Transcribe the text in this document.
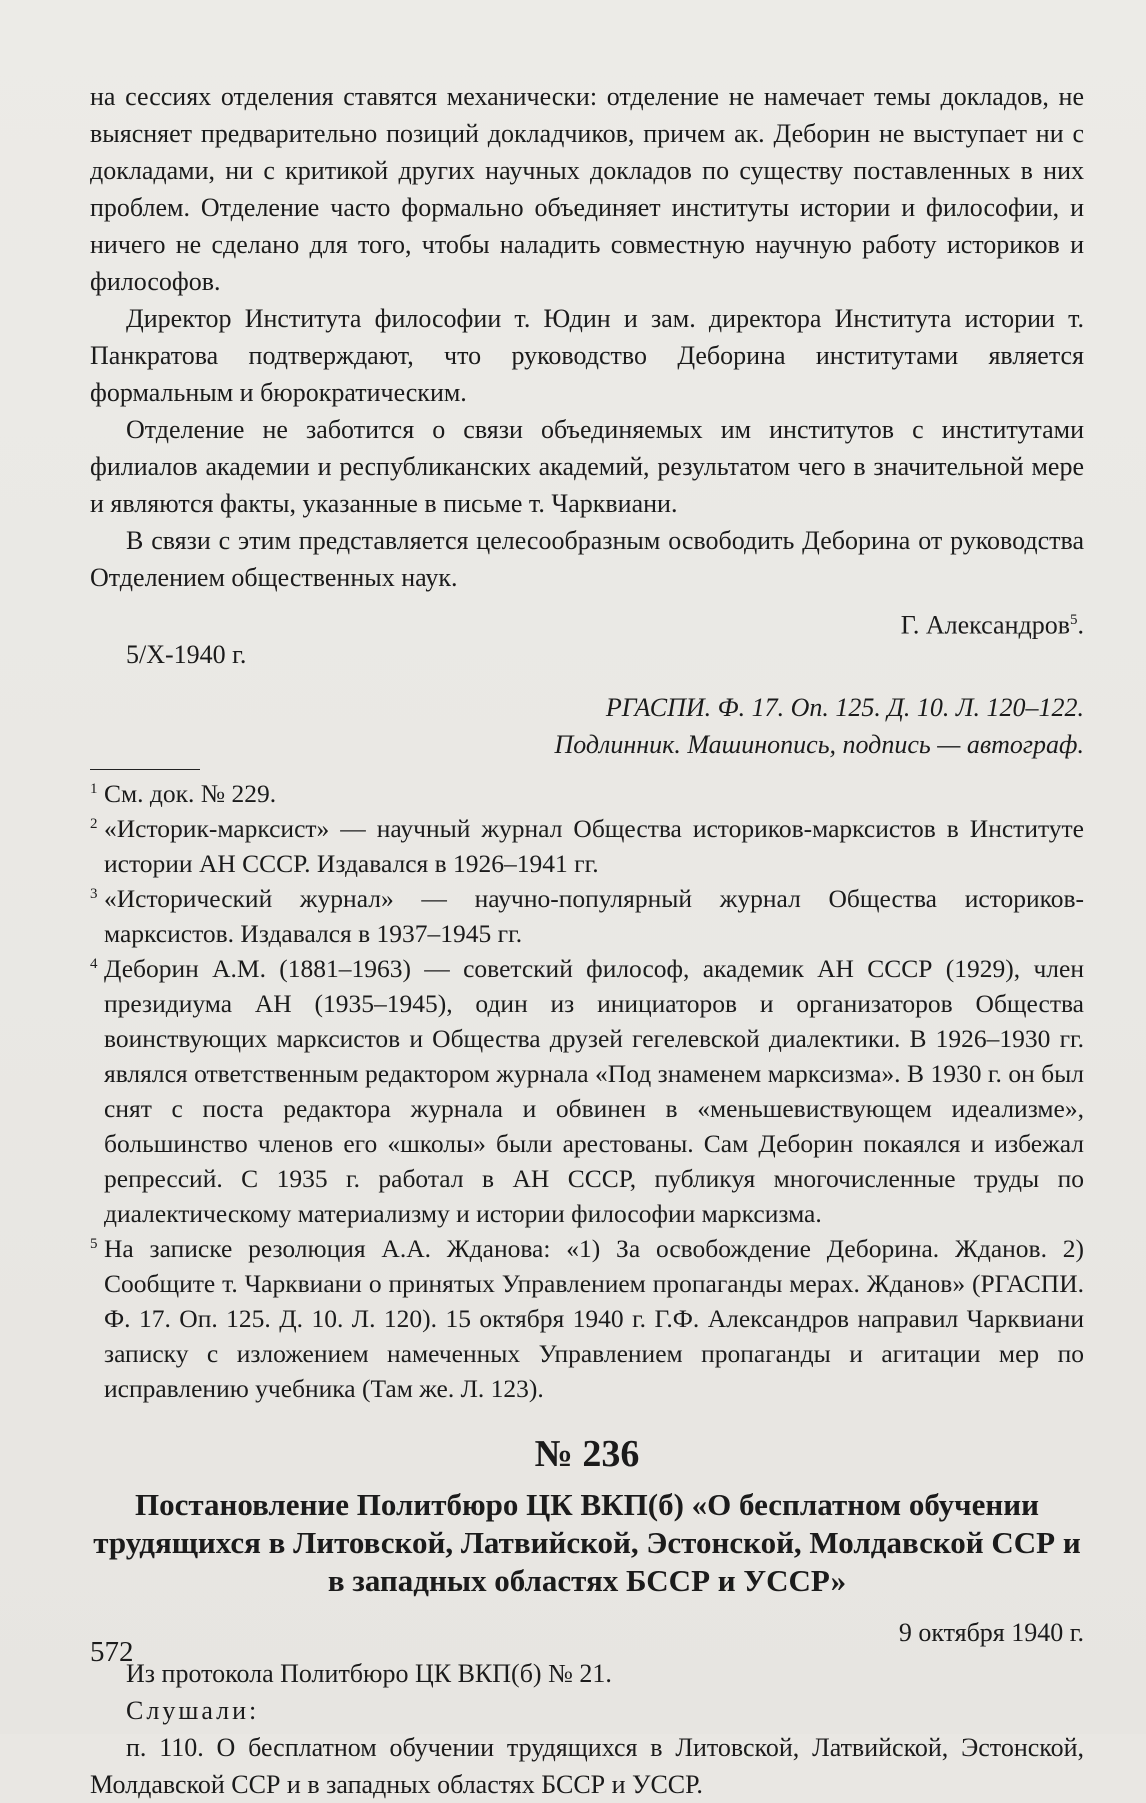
на сессиях отделения ставятся механически: отделение не намечает темы докладов, не выясняет предварительно позиций докладчиков, причем ак. Деборин не выступает ни с докладами, ни с критикой других научных докладов по существу поставленных в них проблем. Отделение часто формально объединяет институты истории и философии, и ничего не сделано для того, чтобы наладить совместную научную работу историков и философов.

Директор Института философии т. Юдин и зам. директора Института истории т. Панкратова подтверждают, что руководство Деборина институтами является формальным и бюрократическим.

Отделение не заботится о связи объединяемых им институтов с институтами филиалов академии и республиканских академий, результатом чего в значительной мере и являются факты, указанные в письме т. Чарквиани.

В связи с этим представляется целесообразным освободить Деборина от руководства Отделением общественных наук.

Г. Александров$^5$.

5/X-1940 г.

РГАСПИ. Ф. 17. Оп. 125. Д. 10. Л. 120–122.

Подлинник. Машинопись, подпись — автограф.

1 См. док. № 229.
2 «Историк-марксист» — научный журнал Общества историков-марксистов в Институте истории АН СССР. Издавался в 1926–1941 гг.
3 «Исторический журнал» — научно-популярный журнал Общества историков-марксистов. Издавался в 1937–1945 гг.
4 Деборин А.М. (1881–1963) — советский философ, академик АН СССР (1929), член президиума АН (1935–1945), один из инициаторов и организаторов Общества воинствующих марксистов и Общества друзей гегелевской диалектики. В 1926–1930 гг. являлся ответственным редактором журнала «Под знаменем марксизма». В 1930 г. он был снят с поста редактора журнала и обвинен в «меньшевиствующем идеализме», большинство членов его «школы» были арестованы. Сам Деборин покаялся и избежал репрессий. С 1935 г. работал в АН СССР, публикуя многочисленные труды по диалектическому материализму и истории философии марксизма.
5 На записке резолюция А.А. Жданова: «1) За освобождение Деборина. Жданов. 2) Сообщите т. Чарквиани о принятых Управлением пропаганды мерах. Жданов» (РГАСПИ. Ф. 17. Оп. 125. Д. 10. Л. 120). 15 октября 1940 г. Г.Ф. Александров направил Чарквиани записку с изложением намеченных Управлением пропаганды и агитации мер по исправлению учебника (Там же. Л. 123).
№ 236
Постановление Политбюро ЦК ВКП(б) «О бесплатном обучении трудящихся в Литовской, Латвийской, Эстонской, Молдавской ССР и в западных областях БССР и УССР»

9 октября 1940 г.

Из протокола Политбюро ЦК ВКП(б) № 21.

Слушали:

п. 110. О бесплатном обучении трудящихся в Литовской, Латвийской, Эстонской, Молдавской ССР и в западных областях БССР и УССР.

572
